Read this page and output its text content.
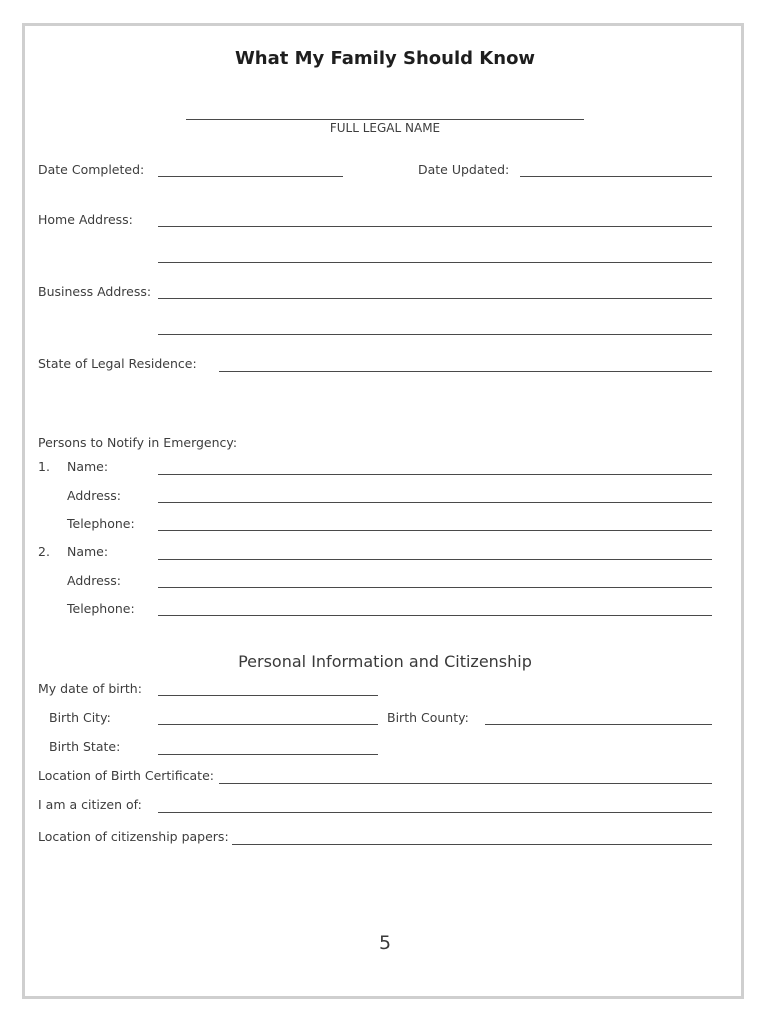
What My Family Should Know
FULL LEGAL NAME
Date Completed:	Date Updated:
Home Address:
Business Address:
State of Legal Residence:
Persons to Notify in Emergency:
1. Name:
Address:
Telephone:
2. Name:
Address:
Telephone:
Personal Information and Citizenship
My date of birth:
Birth City:	Birth County:
Birth State:
Location of Birth Certificate:
I am a citizen of:
Location of citizenship papers:
5
